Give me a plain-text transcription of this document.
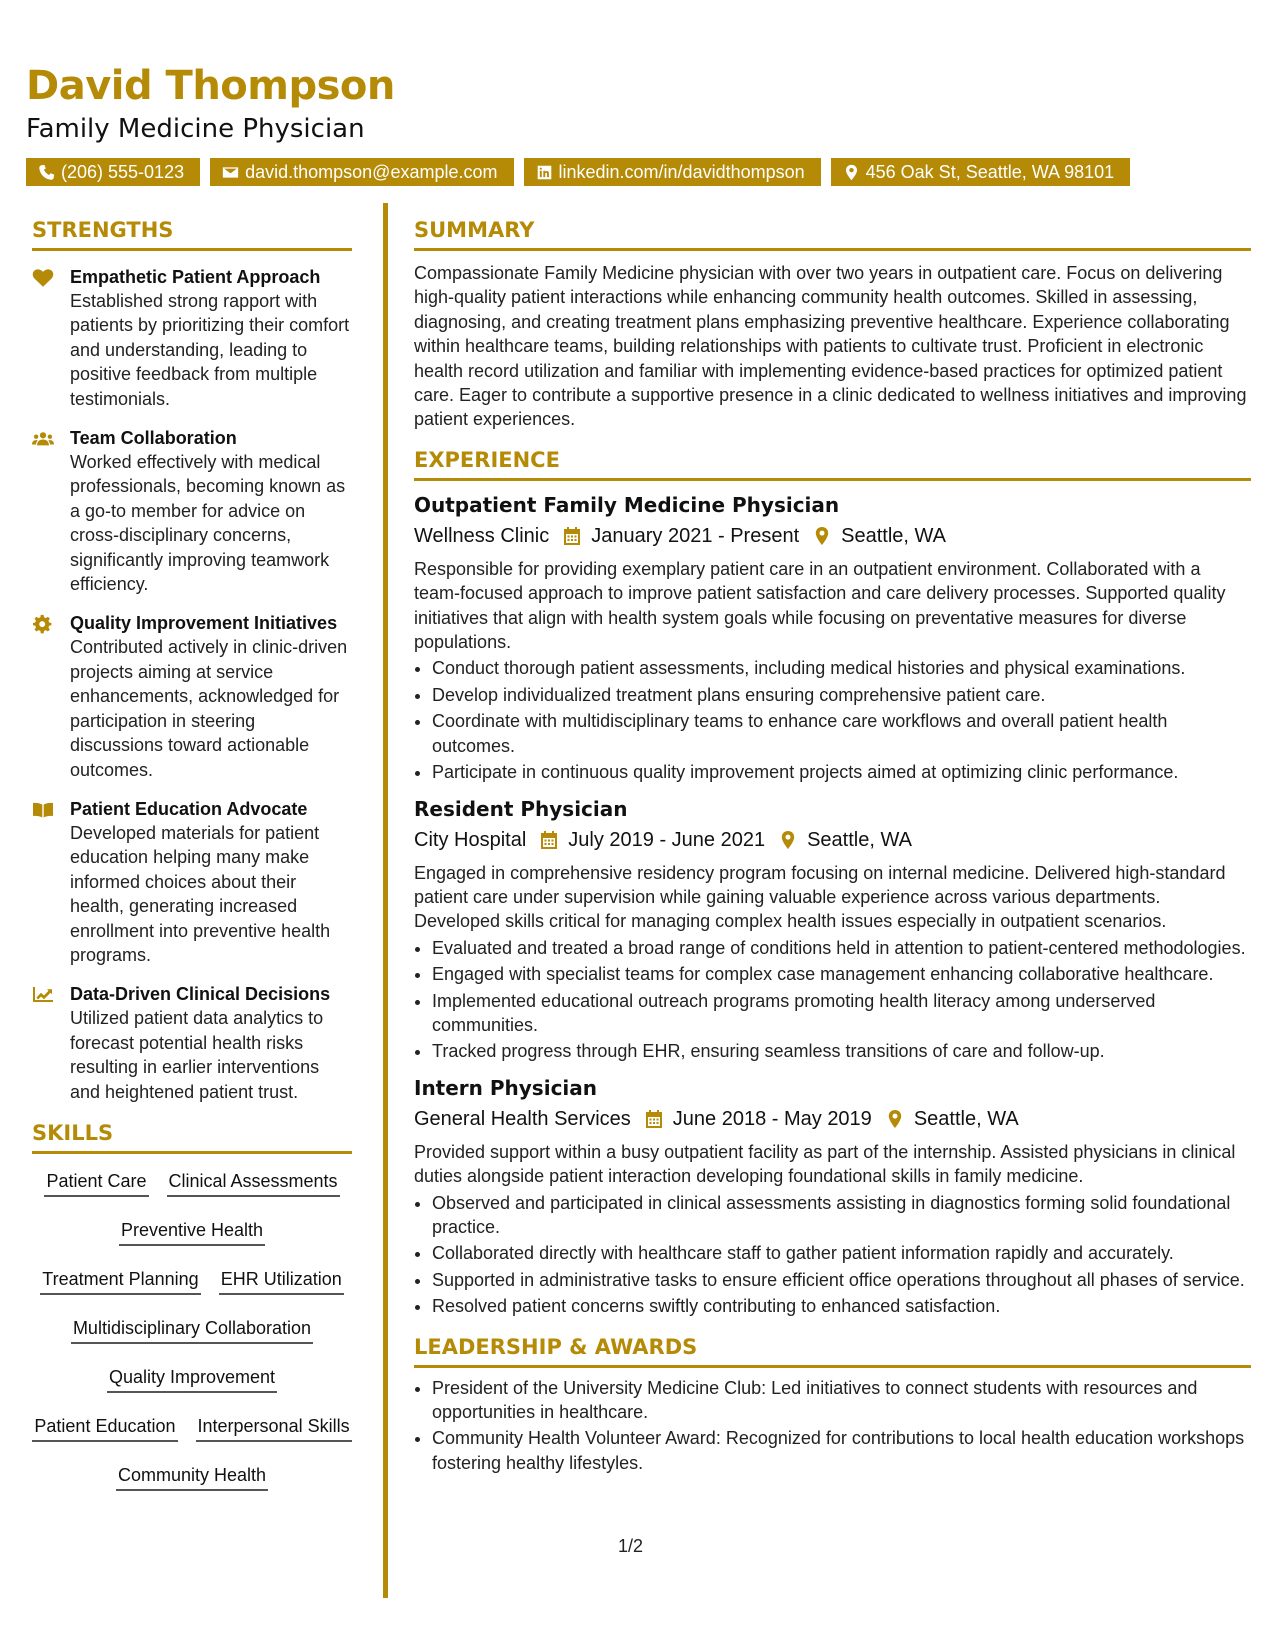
David Thompson
Family Medicine Physician
(206) 555-0123	david.thompson@example.com	linkedin.com/in/davidthompson	456 Oak St, Seattle, WA 98101
STRENGTHS
Empathetic Patient Approach
Established strong rapport with patients by prioritizing their comfort and understanding, leading to positive feedback from multiple testimonials.
Team Collaboration
Worked effectively with medical professionals, becoming known as a go-to member for advice on cross-disciplinary concerns, significantly improving teamwork efficiency.
Quality Improvement Initiatives
Contributed actively in clinic-driven projects aiming at service enhancements, acknowledged for participation in steering discussions toward actionable outcomes.
Patient Education Advocate
Developed materials for patient education helping many make informed choices about their health, generating increased enrollment into preventive health programs.
Data-Driven Clinical Decisions
Utilized patient data analytics to forecast potential health risks resulting in earlier interventions and heightened patient trust.
SKILLS
Patient Care Clinical Assessments
Preventive Health
Treatment Planning EHR Utilization
Multidisciplinary Collaboration
Quality Improvement
Patient Education Interpersonal Skills
Community Health
SUMMARY
Compassionate Family Medicine physician with over two years in outpatient care. Focus on delivering high-quality patient interactions while enhancing community health outcomes. Skilled in assessing, diagnosing, and creating treatment plans emphasizing preventive healthcare. Experience collaborating within healthcare teams, building relationships with patients to cultivate trust. Proficient in electronic health record utilization and familiar with implementing evidence-based practices for optimized patient care. Eager to contribute a supportive presence in a clinic dedicated to wellness initiatives and improving patient experiences.
EXPERIENCE
Outpatient Family Medicine Physician
Wellness Clinic January 2021 - Present Seattle, WA
Responsible for providing exemplary patient care in an outpatient environment. Collaborated with a team-focused approach to improve patient satisfaction and care delivery processes. Supported quality initiatives that align with health system goals while focusing on preventative measures for diverse populations.
• Conduct thorough patient assessments, including medical histories and physical examinations.
• Develop individualized treatment plans ensuring comprehensive patient care.
• Coordinate with multidisciplinary teams to enhance care workflows and overall patient health outcomes.
• Participate in continuous quality improvement projects aimed at optimizing clinic performance.
Resident Physician
City Hospital July 2019 - June 2021 Seattle, WA
Engaged in comprehensive residency program focusing on internal medicine. Delivered high-standard patient care under supervision while gaining valuable experience across various departments. Developed skills critical for managing complex health issues especially in outpatient scenarios.
• Evaluated and treated a broad range of conditions held in attention to patient-centered methodologies.
• Engaged with specialist teams for complex case management enhancing collaborative healthcare.
• Implemented educational outreach programs promoting health literacy among underserved communities.
• Tracked progress through EHR, ensuring seamless transitions of care and follow-up.
Intern Physician
General Health Services June 2018 - May 2019 Seattle, WA
Provided support within a busy outpatient facility as part of the internship. Assisted physicians in clinical duties alongside patient interaction developing foundational skills in family medicine.
• Observed and participated in clinical assessments assisting in diagnostics forming solid foundational practice.
• Collaborated directly with healthcare staff to gather patient information rapidly and accurately.
• Supported in administrative tasks to ensure efficient office operations throughout all phases of service.
• Resolved patient concerns swiftly contributing to enhanced satisfaction.
LEADERSHIP & AWARDS
• President of the University Medicine Club: Led initiatives to connect students with resources and opportunities in healthcare.
• Community Health Volunteer Award: Recognized for contributions to local health education workshops fostering healthy lifestyles.
1/2
